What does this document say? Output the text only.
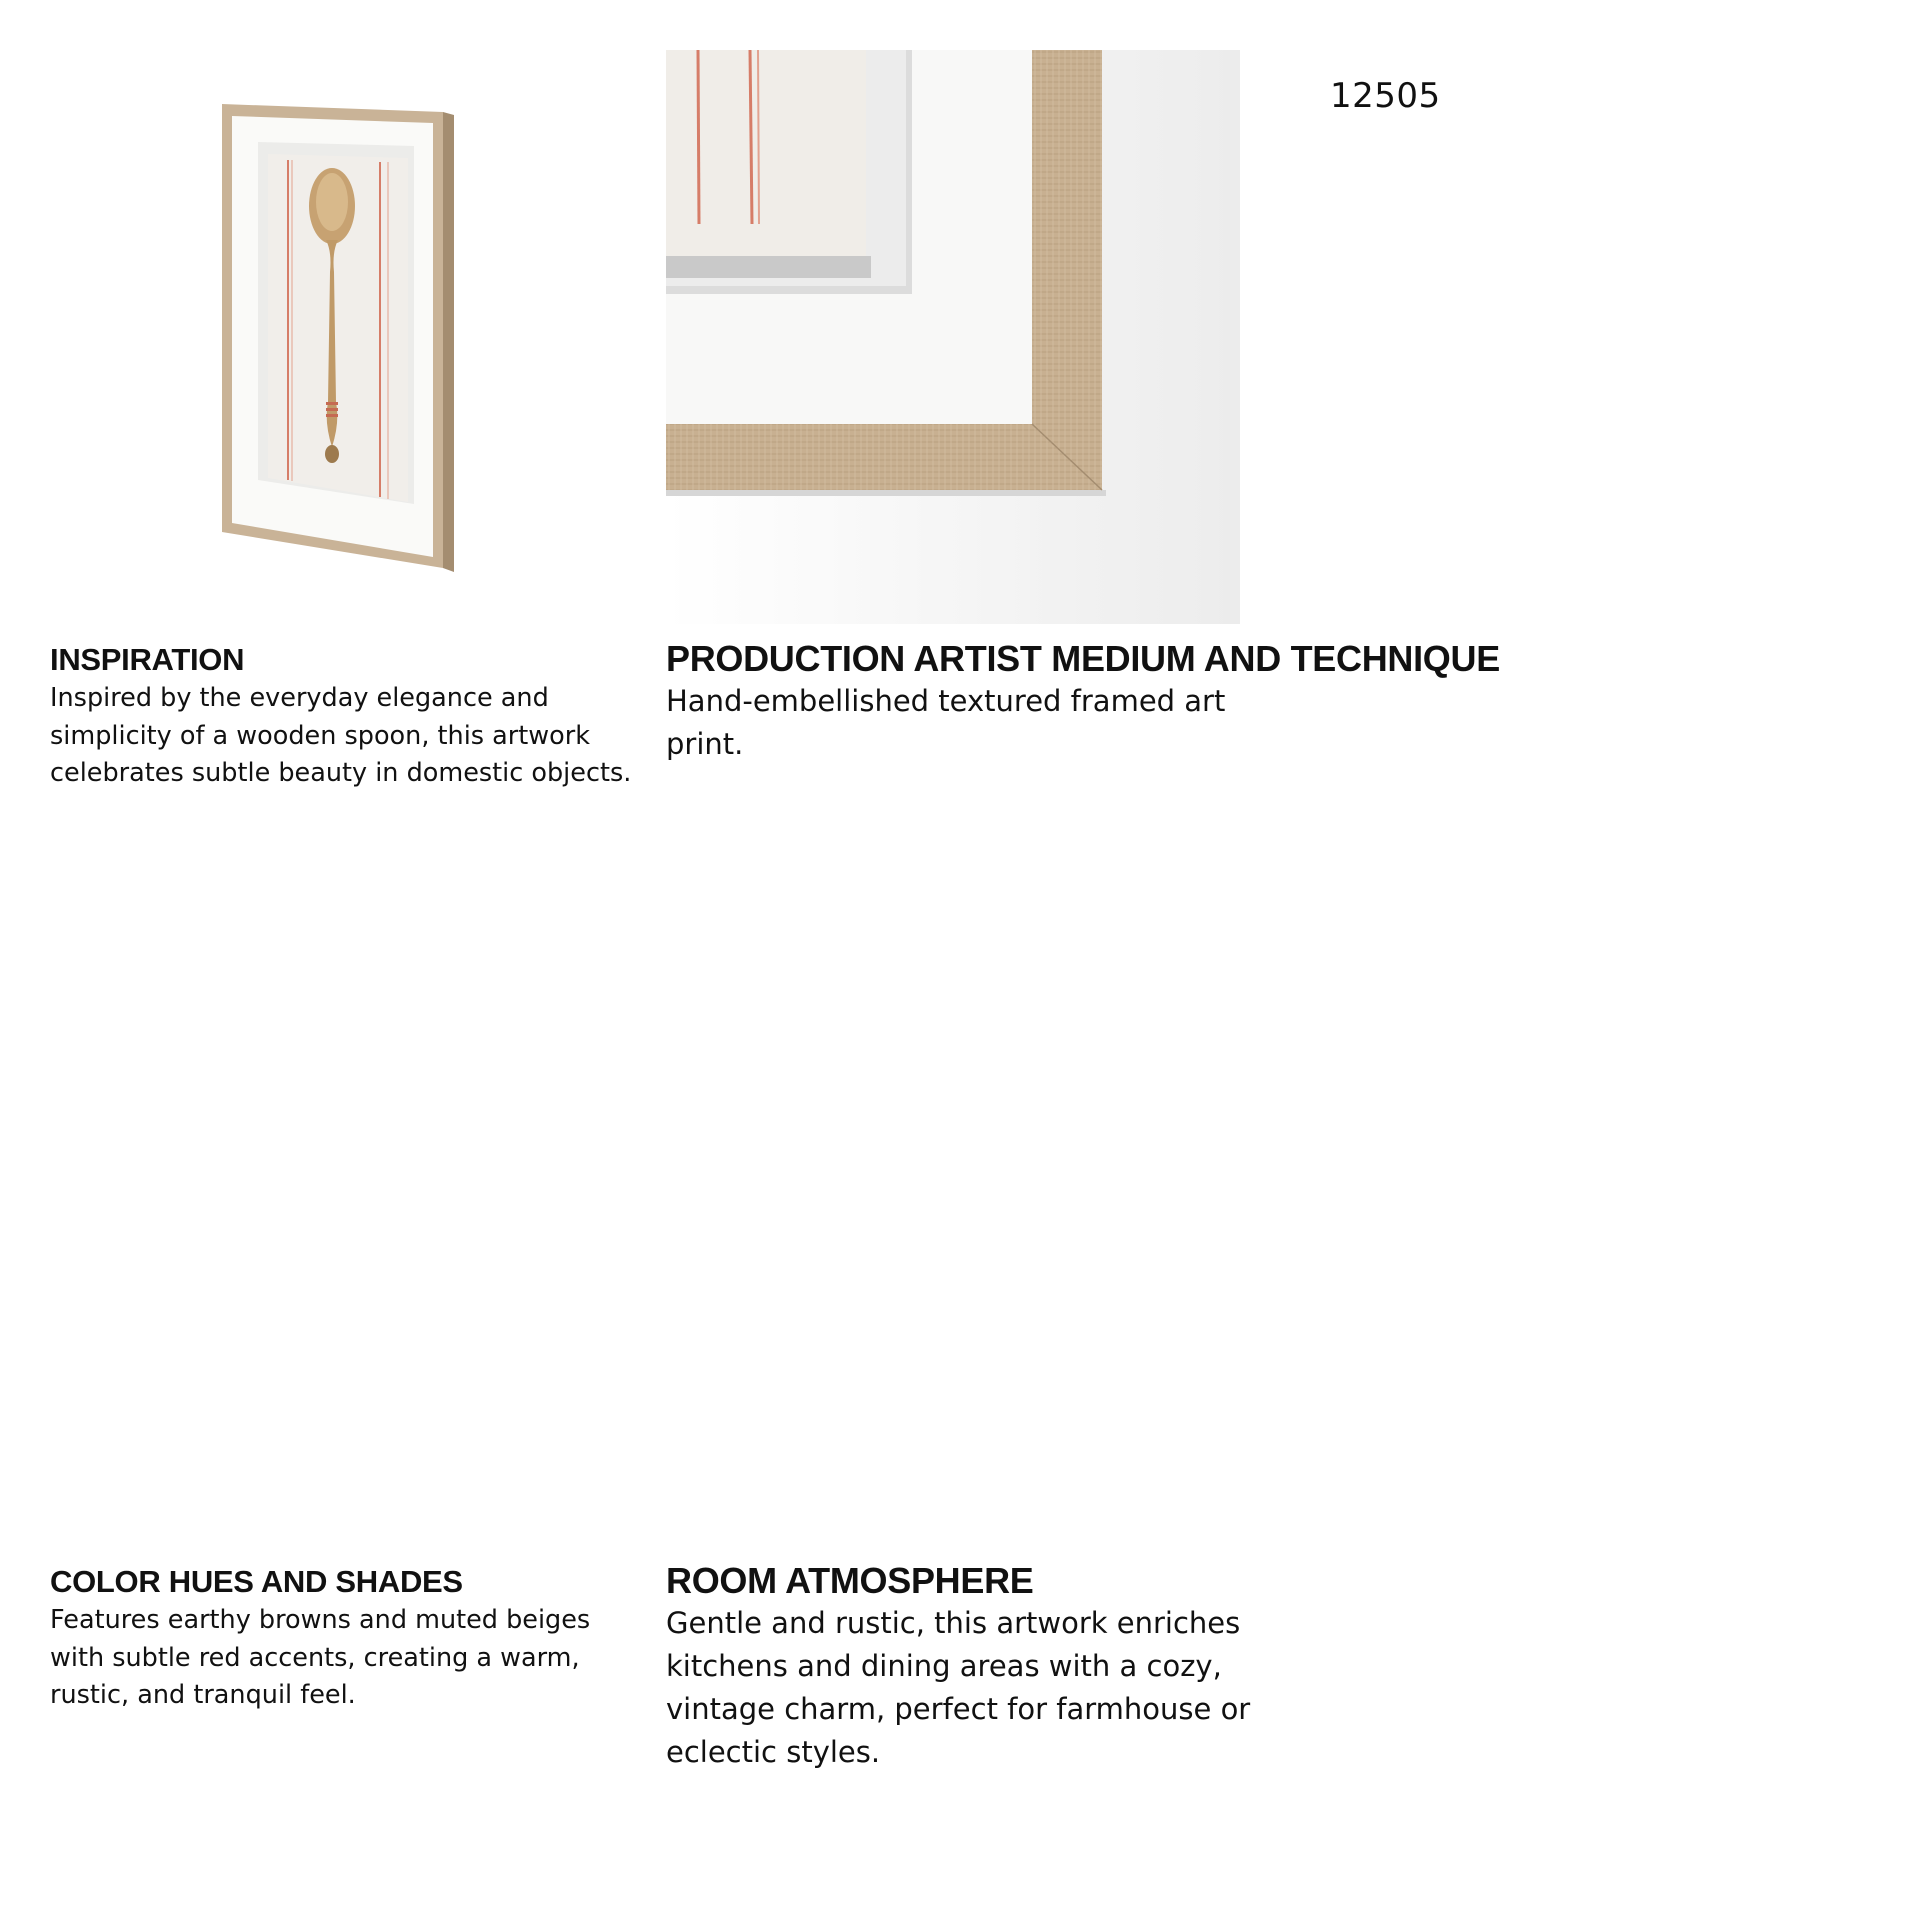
12505
INSPIRATION

Inspired by the everyday elegance and
simplicity of a wooden spoon, this artwork
celebrates subtle beauty in domestic objects.

PRODUCTION ARTIST MEDIUM AND TECHNIQUE

Hand-embellished textured framed art
print.

COLOR HUES AND SHADES

Features earthy browns and muted beiges
with subtle red accents, creating a warm,
rustic, and tranquil feel.

ROOM ATMOSPHERE

Gentle and rustic, this artwork enriches
kitchens and dining areas with a cozy,
vintage charm, perfect for farmhouse or
eclectic styles.
